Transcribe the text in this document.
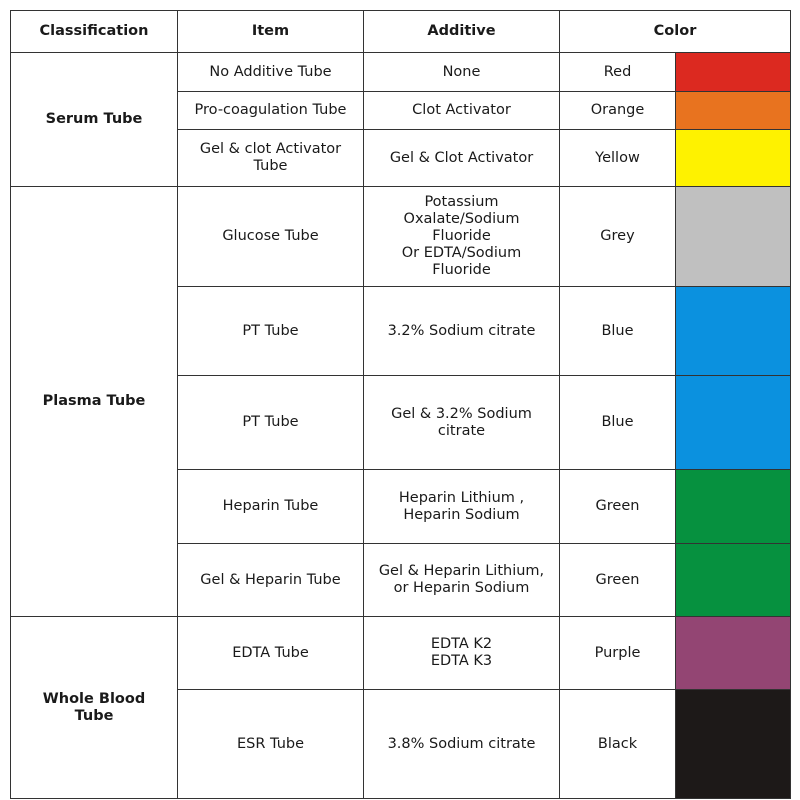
Classification	Item	Additive	Color	
Serum Tube	No Additive Tube	None	Red	
	Pro-coagulation Tube	Clot Activator	Orange	
	Gel & clot Activator Tube	Gel & Clot Activator	Yellow	
Plasma Tube	Glucose Tube	Potassium
Oxalate/Sodium
Fluoride
Or EDTA/Sodium
Fluoride	Grey	
	PT Tube	3.2% Sodium citrate	Blue	
	PT Tube	Gel & 3.2% Sodium citrate	Blue	
	Heparin Tube	Heparin Lithium ,
Heparin Sodium	Green	
	Gel & Heparin Tube	Gel & Heparin Lithium,
or Heparin Sodium	Green	
Whole Blood
Tube	EDTA Tube	EDTA K2
EDTA K3	Purple	
	ESR Tube	3.8% Sodium citrate	Black	
